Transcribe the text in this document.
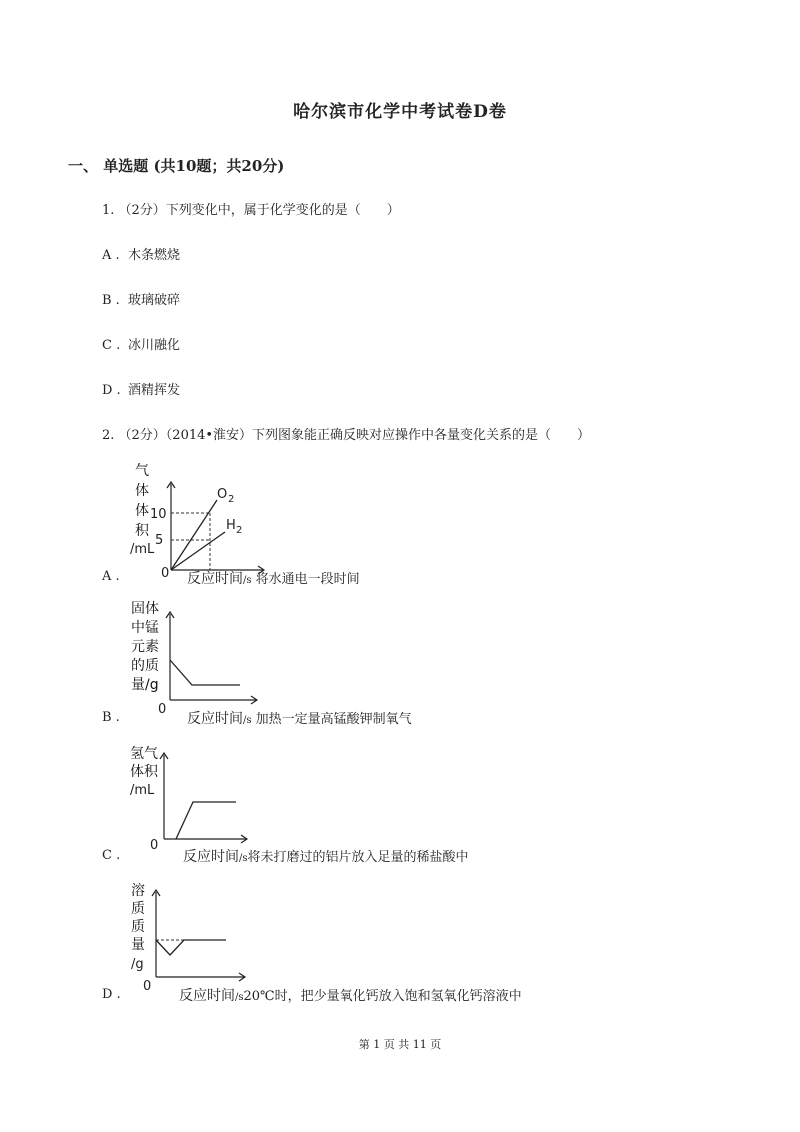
哈尔滨市化学中考试卷D卷
一、 单选题 (共10题；共20分)
1. （2分）下列变化中，属于化学变化的是（　　）
A . 木条燃烧
B . 玻璃破碎
C . 冰川融化
D . 酒精挥发
2. （2分）（2014•淮安）下列图象能正确反映对应操作中各量变化关系的是（　　）
气
体
体
积
/mL
10
5
0
O 2
H 2
A .	反应时间/s 将水通电一段时间
固体
中锰
元素
的质
量/g
0
B .	反应时间/s 加热一定量高锰酸钾制氧气
氢气
体积
/mL
0
C .	反应时间/s将未打磨过的铝片放入足量的稀盐酸中
溶
质
质
量
/g
0
D .	反应时间/s20℃时，把少量氧化钙放入饱和氢氧化钙溶液中
第 1 页 共 11 页
